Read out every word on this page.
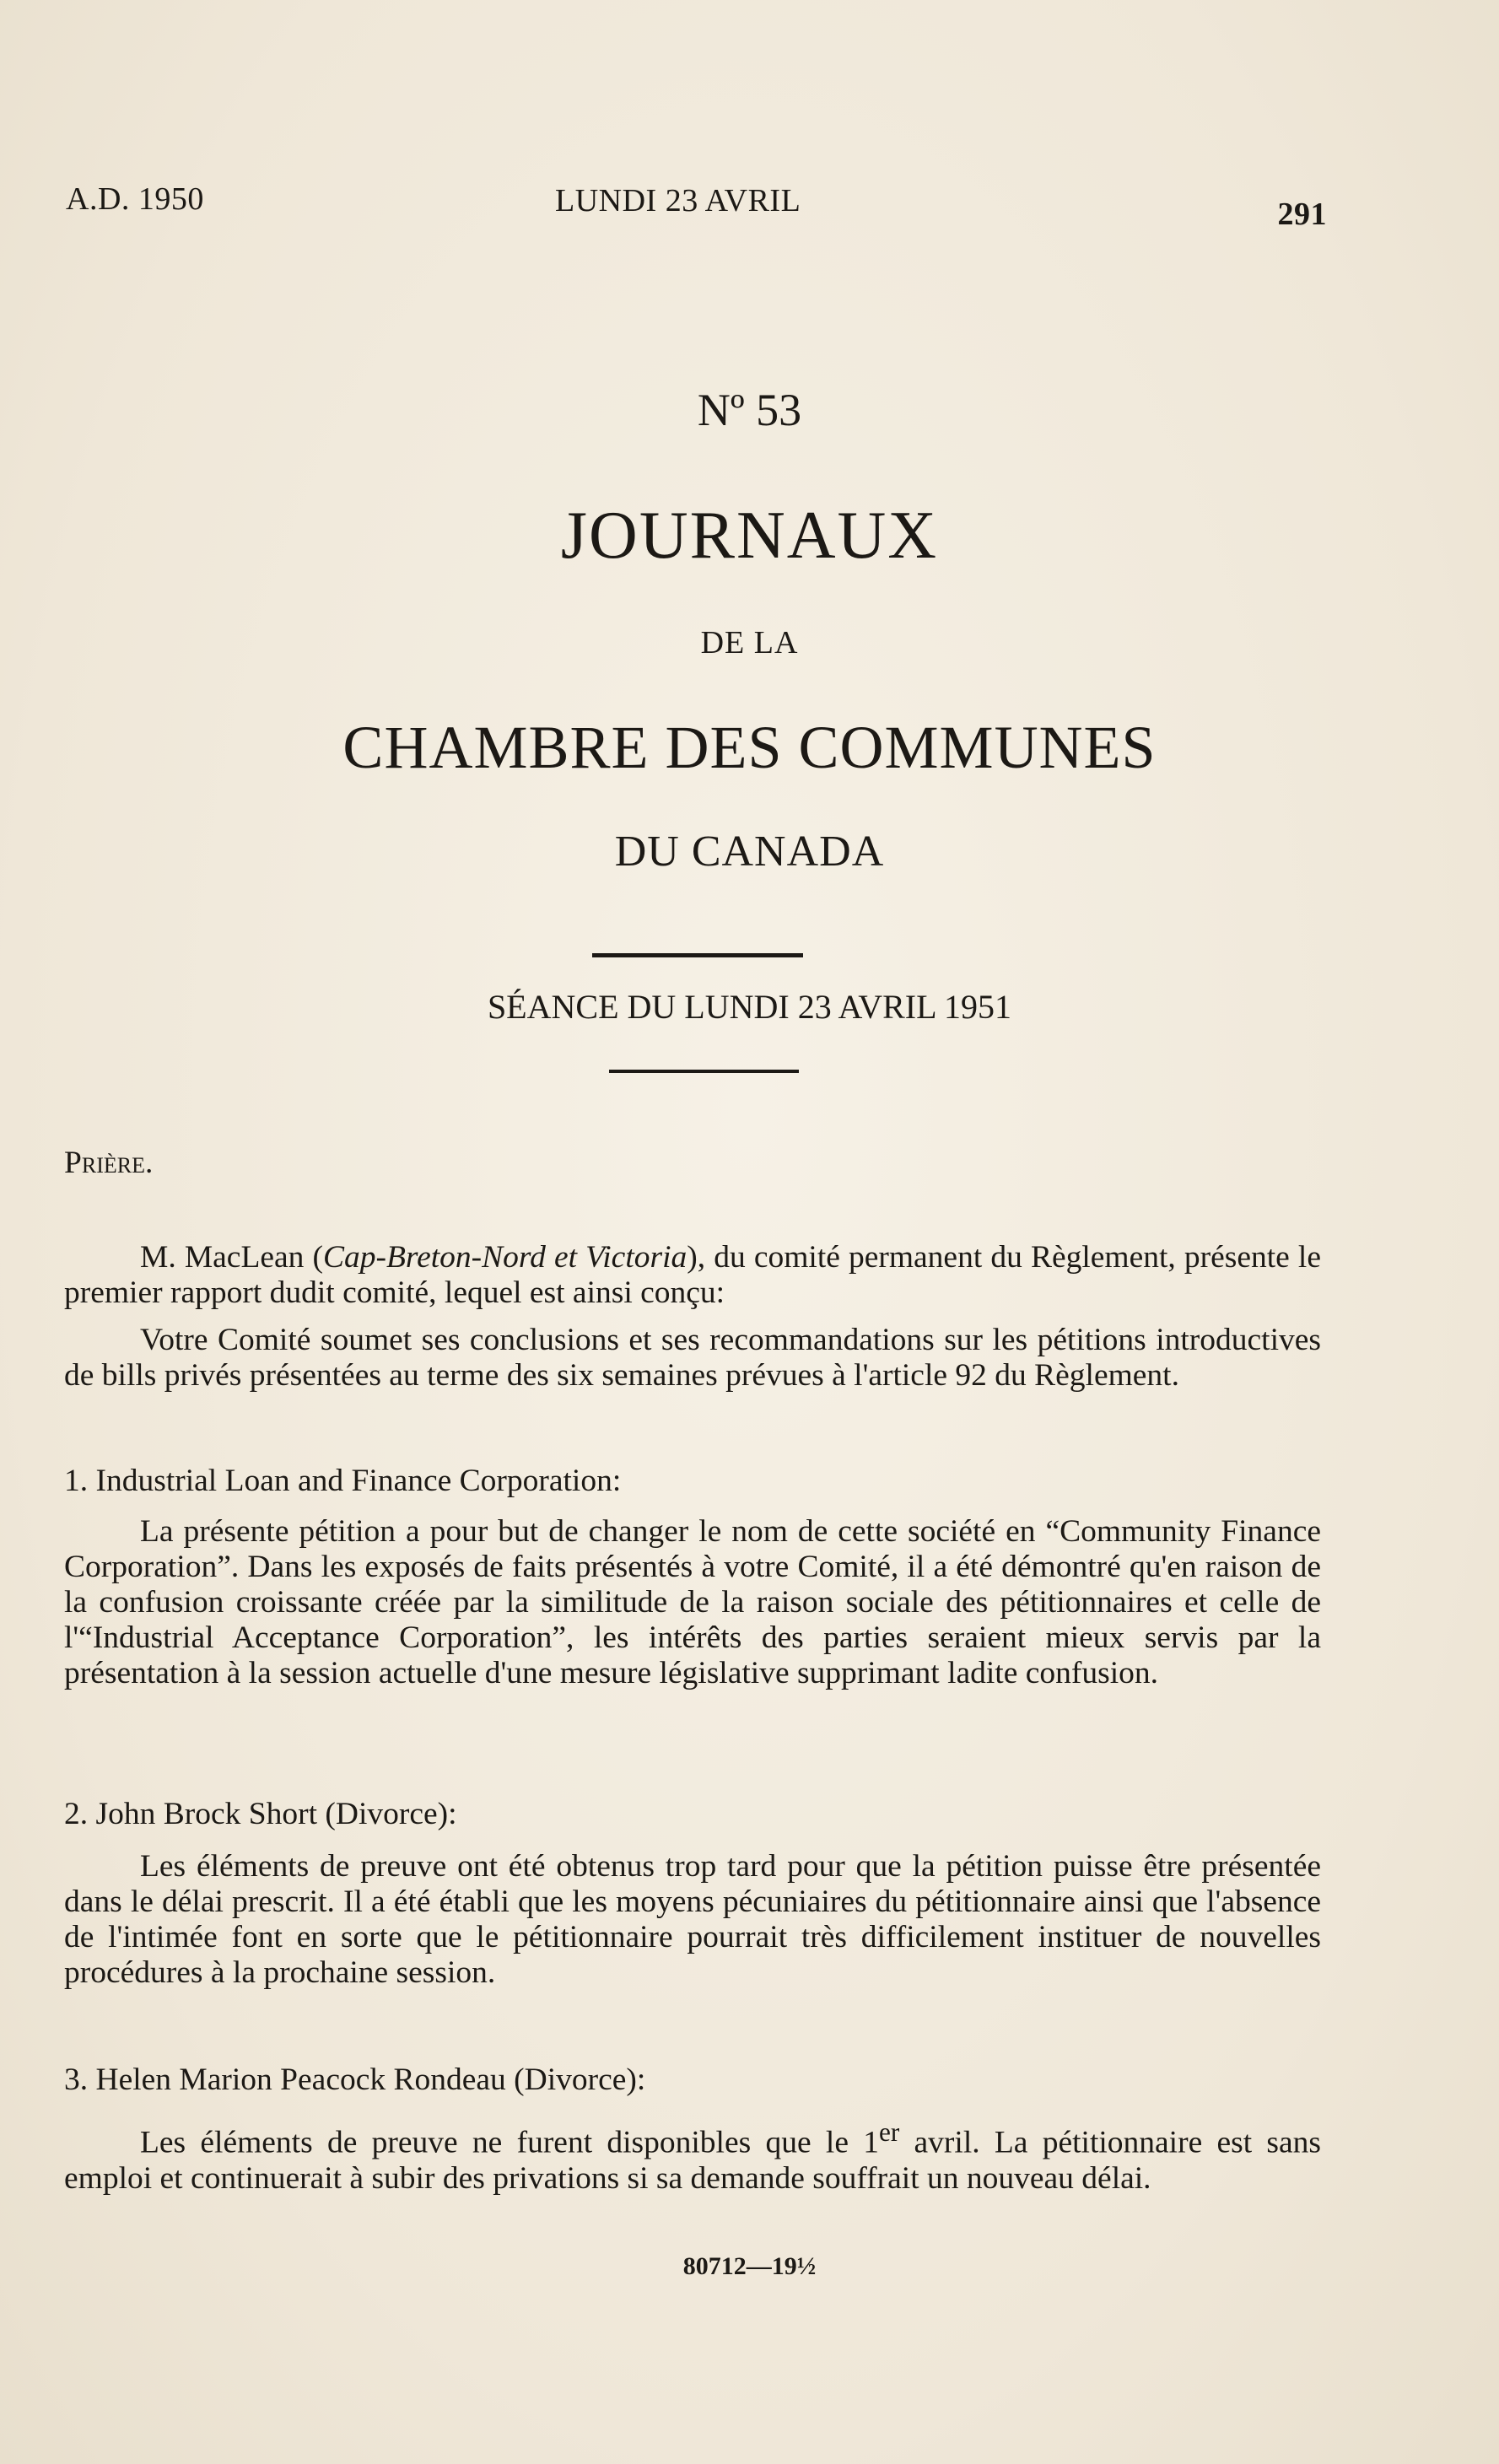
A.D. 1950	LUNDI 23 AVRIL	291
Nº 53
JOURNAUX
DE LA
CHAMBRE DES COMMUNES
DU CANADA
SÉANCE DU LUNDI 23 AVRIL 1951

Prière.

M. MacLean (Cap-Breton-Nord et Victoria), du comité permanent du Règlement, présente le premier rapport dudit comité, lequel est ainsi conçu:

Votre Comité soumet ses conclusions et ses recommandations sur les pétitions introductives de bills privés présentées au terme des six semaines prévues à l'article 92 du Règlement.

1. Industrial Loan and Finance Corporation:

La présente pétition a pour but de changer le nom de cette société en “Community Finance Corporation”. Dans les exposés de faits présentés à votre Comité, il a été démontré qu'en raison de la confusion croissante créée par la similitude de la raison sociale des pétitionnaires et celle de l'“Industrial Acceptance Corporation”, les intérêts des parties seraient mieux servis par la présentation à la session actuelle d'une mesure législative supprimant ladite confusion.

2. John Brock Short (Divorce):

Les éléments de preuve ont été obtenus trop tard pour que la pétition puisse être présentée dans le délai prescrit. Il a été établi que les moyens pécuniaires du pétitionnaire ainsi que l'absence de l'intimée font en sorte que le pétitionnaire pourrait très difficilement instituer de nouvelles procédures à la prochaine session.

3. Helen Marion Peacock Rondeau (Divorce):

Les éléments de preuve ne furent disponibles que le 1er avril. La pétitionnaire est sans emploi et continuerait à subir des privations si sa demande souffrait un nouveau délai.

80712—19½
